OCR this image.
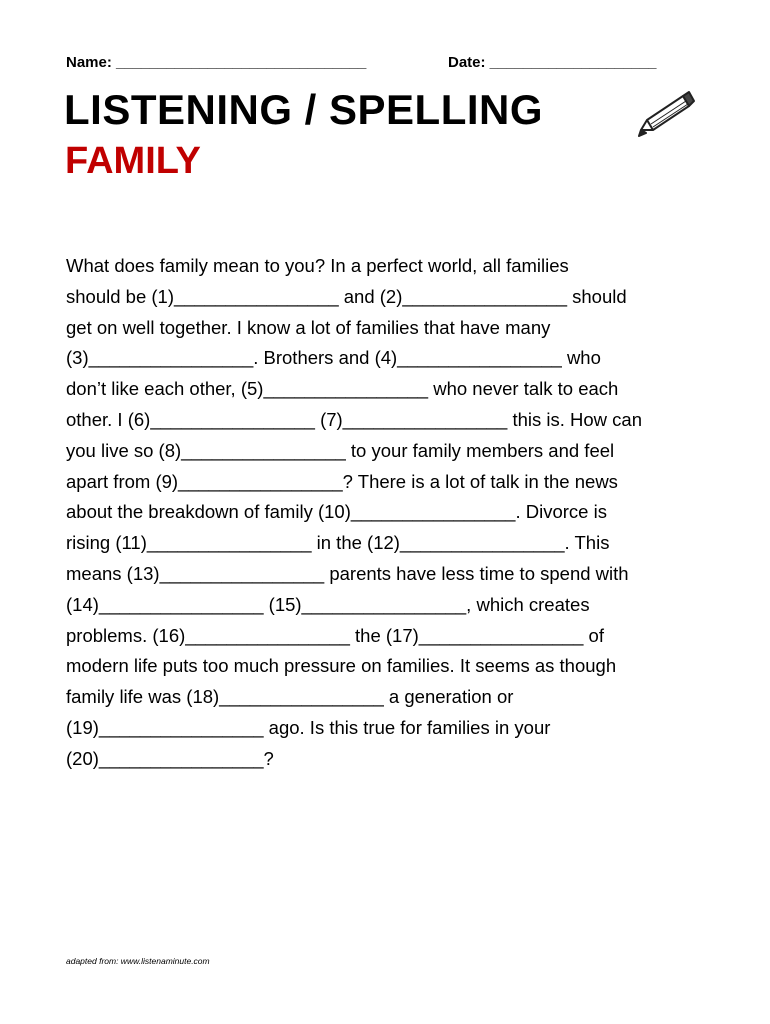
Name: ______________________________	Date: ____________________
LISTENING / SPELLING
FAMILY
What does family mean to you? In a perfect world, all families
should be (1)________________ and (2)________________ should
get on well together. I know a lot of families that have many
(3)________________. Brothers and (4)________________ who
don’t like each other, (5)________________ who never talk to each
other. I (6)________________ (7)________________ this is. How can
you live so (8)________________ to your family members and feel
apart from (9)________________? There is a lot of talk in the news
about the breakdown of family (10)________________. Divorce is
rising (11)________________ in the (12)________________. This
means (13)________________ parents have less time to spend with
(14)________________ (15)________________, which creates
problems. (16)________________ the (17)________________ of
modern life puts too much pressure on families. It seems as though
family life was (18)________________ a generation or
(19)________________ ago. Is this true for families in your
(20)________________?
adapted from: www.listenaminute.com
